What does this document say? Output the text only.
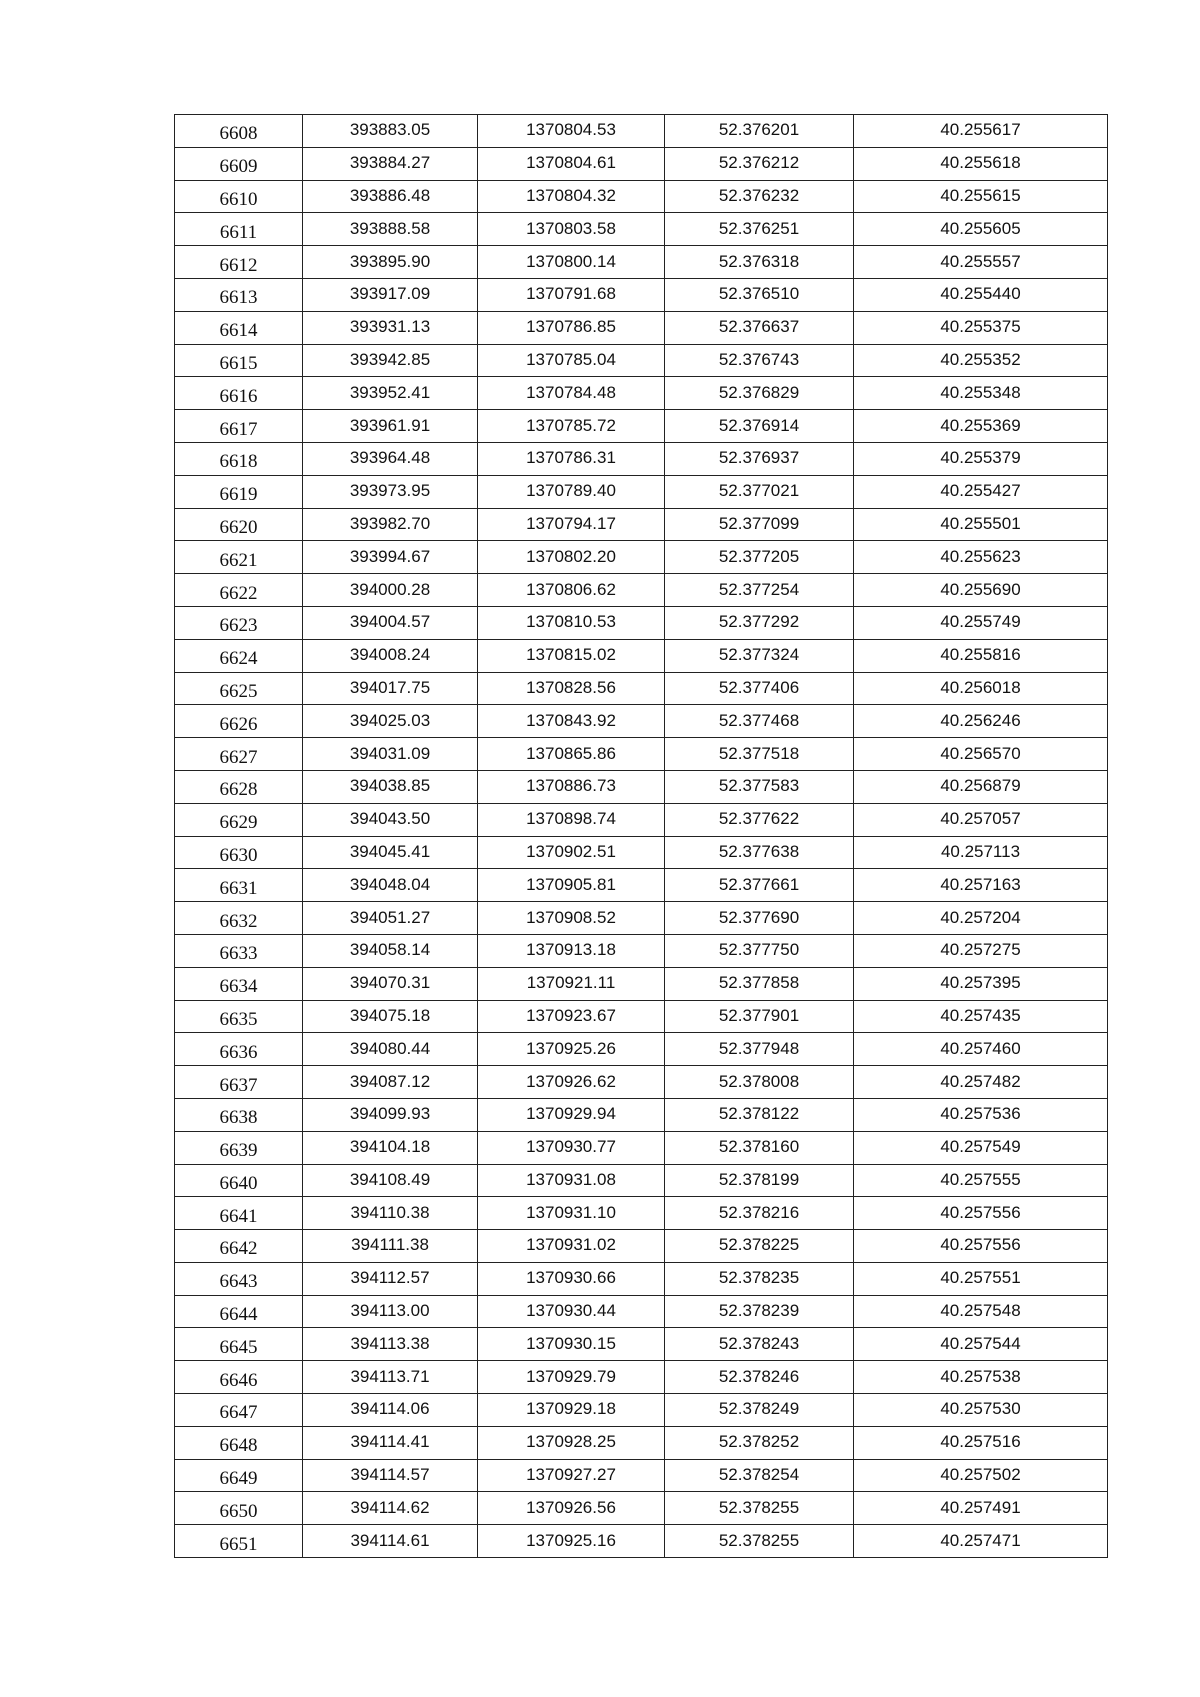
6608	393883.05	1370804.53	52.376201	40.255617
6609	393884.27	1370804.61	52.376212	40.255618
6610	393886.48	1370804.32	52.376232	40.255615
6611	393888.58	1370803.58	52.376251	40.255605
6612	393895.90	1370800.14	52.376318	40.255557
6613	393917.09	1370791.68	52.376510	40.255440
6614	393931.13	1370786.85	52.376637	40.255375
6615	393942.85	1370785.04	52.376743	40.255352
6616	393952.41	1370784.48	52.376829	40.255348
6617	393961.91	1370785.72	52.376914	40.255369
6618	393964.48	1370786.31	52.376937	40.255379
6619	393973.95	1370789.40	52.377021	40.255427
6620	393982.70	1370794.17	52.377099	40.255501
6621	393994.67	1370802.20	52.377205	40.255623
6622	394000.28	1370806.62	52.377254	40.255690
6623	394004.57	1370810.53	52.377292	40.255749
6624	394008.24	1370815.02	52.377324	40.255816
6625	394017.75	1370828.56	52.377406	40.256018
6626	394025.03	1370843.92	52.377468	40.256246
6627	394031.09	1370865.86	52.377518	40.256570
6628	394038.85	1370886.73	52.377583	40.256879
6629	394043.50	1370898.74	52.377622	40.257057
6630	394045.41	1370902.51	52.377638	40.257113
6631	394048.04	1370905.81	52.377661	40.257163
6632	394051.27	1370908.52	52.377690	40.257204
6633	394058.14	1370913.18	52.377750	40.257275
6634	394070.31	1370921.11	52.377858	40.257395
6635	394075.18	1370923.67	52.377901	40.257435
6636	394080.44	1370925.26	52.377948	40.257460
6637	394087.12	1370926.62	52.378008	40.257482
6638	394099.93	1370929.94	52.378122	40.257536
6639	394104.18	1370930.77	52.378160	40.257549
6640	394108.49	1370931.08	52.378199	40.257555
6641	394110.38	1370931.10	52.378216	40.257556
6642	394111.38	1370931.02	52.378225	40.257556
6643	394112.57	1370930.66	52.378235	40.257551
6644	394113.00	1370930.44	52.378239	40.257548
6645	394113.38	1370930.15	52.378243	40.257544
6646	394113.71	1370929.79	52.378246	40.257538
6647	394114.06	1370929.18	52.378249	40.257530
6648	394114.41	1370928.25	52.378252	40.257516
6649	394114.57	1370927.27	52.378254	40.257502
6650	394114.62	1370926.56	52.378255	40.257491
6651	394114.61	1370925.16	52.378255	40.257471
